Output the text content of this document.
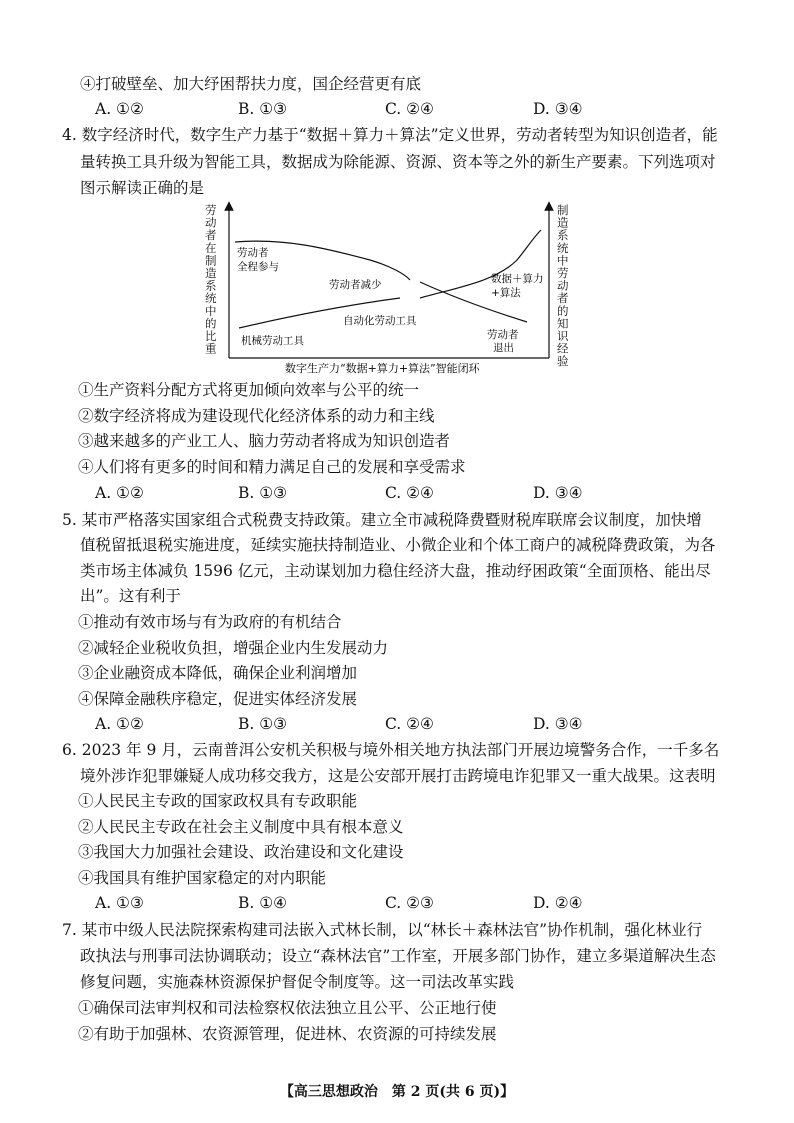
④打破壁垒、加大纾困帮扶力度，国企经营更有底
A. ①②	B. ①③	C. ②④	D. ③④
4. 数字经济时代，数字生产力基于“数据＋算力＋算法”定义世界，劳动者转型为知识创造者，能
量转换工具升级为智能工具，数据成为除能源、资源、资本等之外的新生产要素。下列选项对
图示解读正确的是
劳动者在制造系统中的比重
制造系统中劳动者的知识经验
劳动者
全程参与
劳动者减少	数据＋算力
+算法
自动化劳动工具
机械劳动工具	劳动者
退出
数字生产力“数据+算力+算法”智能闭环
①生产资料分配方式将更加倾向效率与公平的统一
②数字经济将成为建设现代化经济体系的动力和主线
③越来越多的产业工人、脑力劳动者将成为知识创造者
④人们将有更多的时间和精力满足自己的发展和享受需求
A. ①②	B. ①③	C. ②④	D. ③④
5. 某市严格落实国家组合式税费支持政策。建立全市减税降费暨财税库联席会议制度，加快增
值税留抵退税实施进度，延续实施扶持制造业、小微企业和个体工商户的减税降费政策，为各
类市场主体减负 1596 亿元，主动谋划加力稳住经济大盘，推动纾困政策“全面顶格、能出尽
出”。这有利于
①推动有效市场与有为政府的有机结合
②减轻企业税收负担，增强企业内生发展动力
③企业融资成本降低，确保企业利润增加
④保障金融秩序稳定，促进实体经济发展
A. ①②	B. ①③	C. ②④	D. ③④
6. 2023 年 9 月，云南普洱公安机关积极与境外相关地方执法部门开展边境警务合作，一千多名
境外涉诈犯罪嫌疑人成功移交我方，这是公安部开展打击跨境电诈犯罪又一重大战果。这表明
①人民民主专政的国家政权具有专政职能
②人民民主专政在社会主义制度中具有根本意义
③我国大力加强社会建设、政治建设和文化建设
④我国具有维护国家稳定的对内职能
A. ①③	B. ①④	C. ②③	D. ②④
7. 某市中级人民法院探索构建司法嵌入式林长制，以“林长＋森林法官”协作机制，强化林业行
政执法与刑事司法协调联动；设立“森林法官”工作室，开展多部门协作，建立多渠道解决生态
修复问题，实施森林资源保护督促令制度等。这一司法改革实践
①确保司法审判权和司法检察权依法独立且公平、公正地行使
②有助于加强林、农资源管理，促进林、农资源的可持续发展
【高三思想政治　第 2 页(共 6 页)】
